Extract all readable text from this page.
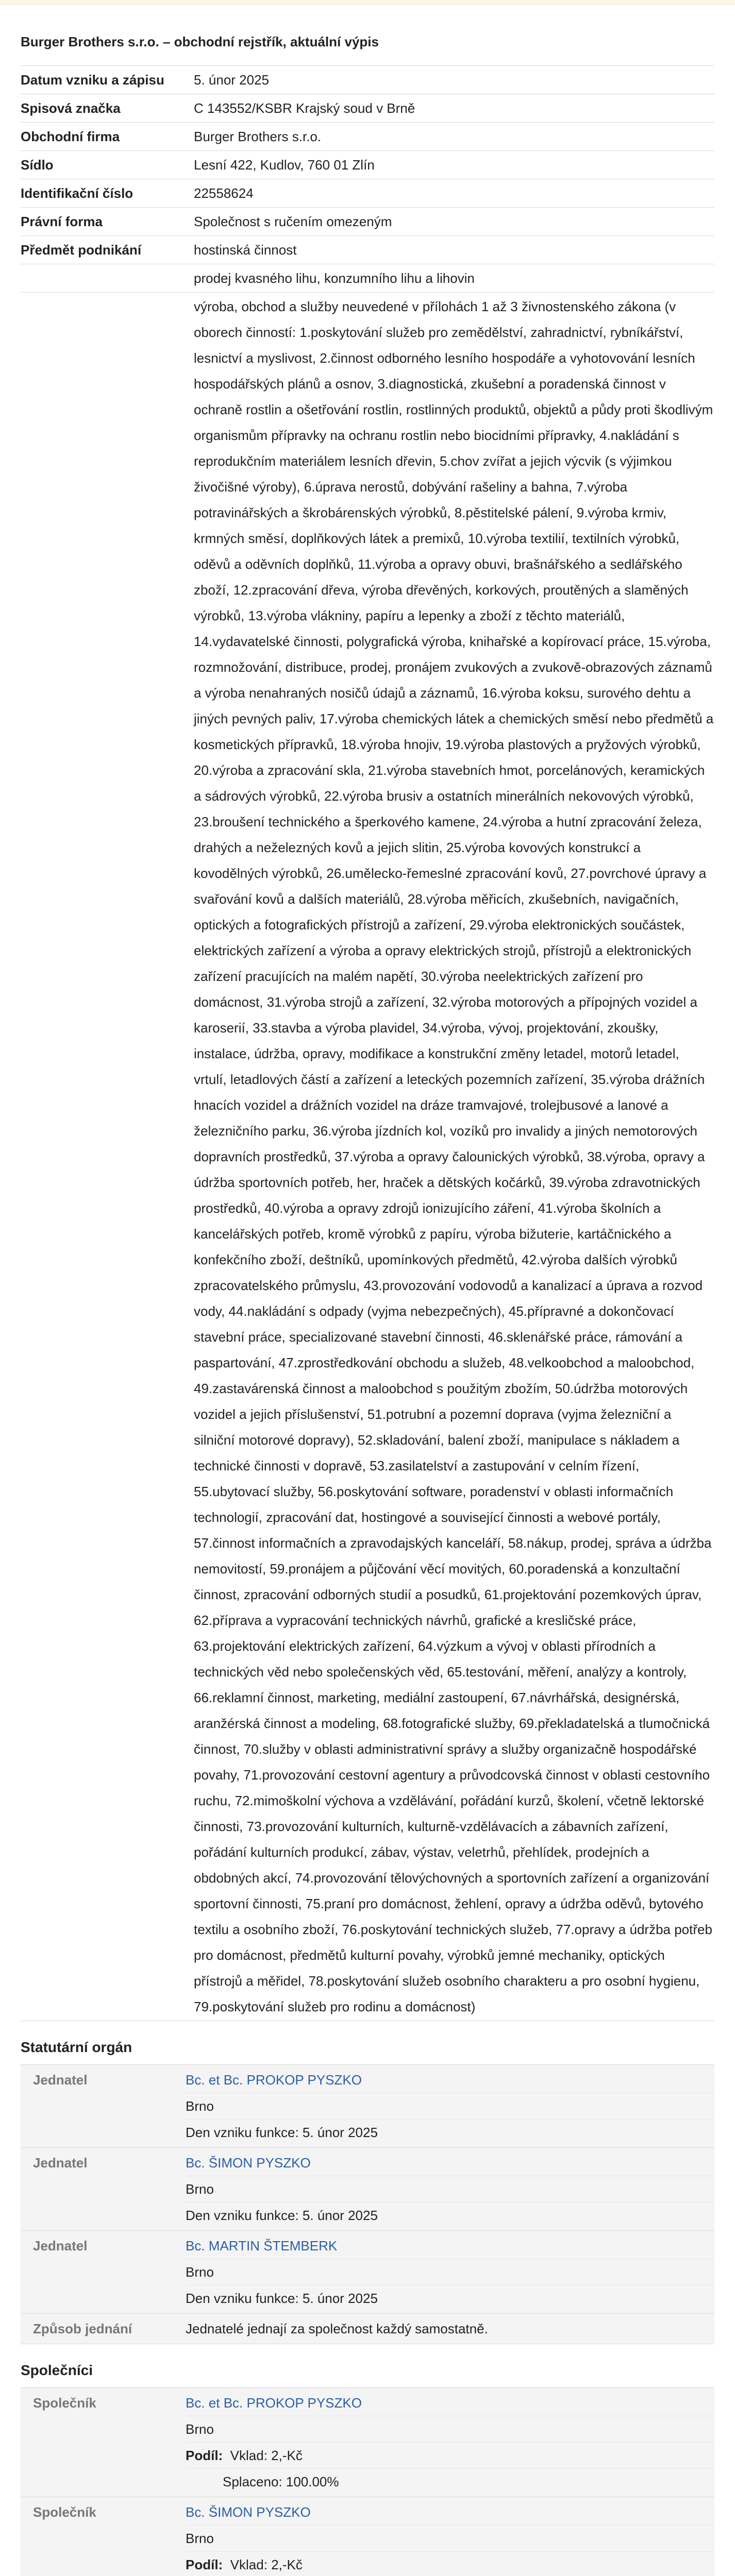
Burger Brothers s.r.o. – obchodní rejstřík, aktuální výpis
Datum vzniku a zápisu	5. únor 2025
Spisová značka	C 143552/KSBR Krajský soud v Brně
Obchodní firma	Burger Brothers s.r.o.
Sídlo	Lesní 422, Kudlov, 760 01 Zlín
Identifikační číslo	22558624
Právní forma	Společnost s ručením omezeným
Předmět podnikání	hostinská činnost
	prodej kvasného lihu, konzumního lihu a lihovin
	výroba, obchod a služby neuvedené v přílohách 1 až 3 živnostenského zákona (v oborech činností: 1.poskytování služeb pro zemědělství, zahradnictví, rybníkářství, lesnictví a myslivost, 2.činnost odborného lesního hospodáře a vyhotovování lesních hospodářských plánů a osnov, 3.diagnostická, zkušební a poradenská činnost v ochraně rostlin a ošetřování rostlin, rostlinných produktů, objektů a půdy proti škodlivým organismům přípravky na ochranu rostlin nebo biocidními přípravky, 4.nakládání s reprodukčním materiálem lesních dřevin, 5.chov zvířat a jejich výcvik (s výjimkou živočišné výroby), 6.úprava nerostů, dobývání rašeliny a bahna, 7.výroba potravinářských a škrobárenských výrobků, 8.pěstitelské pálení, 9.výroba krmiv, krmných směsí, doplňkových látek a premixů, 10.výroba textilií, textilních výrobků, oděvů a oděvních doplňků, 11.výroba a opravy obuvi, brašnářského a sedlářského zboží, 12.zpracování dřeva, výroba dřevěných, korkových, proutěných a slaměných výrobků, 13.výroba vlákniny, papíru a lepenky a zboží z těchto materiálů, 14.vydavatelské činnosti, polygrafická výroba, knihařské a kopírovací práce, 15.výroba, rozmnožování, distribuce, prodej, pronájem zvukových a zvukově-obrazových záznamů a výroba nenahraných nosičů údajů a záznamů, 16.výroba koksu, surového dehtu a jiných pevných paliv, 17.výroba chemických látek a chemických směsí nebo předmětů a kosmetických přípravků, 18.výroba hnojiv, 19.výroba plastových a pryžových výrobků, 20.výroba a zpracování skla, 21.výroba stavebních hmot, porcelánových, keramických a sádrových výrobků, 22.výroba brusiv a ostatních minerálních nekovových výrobků, 23.broušení technického a šperkového kamene, 24.výroba a hutní zpracování železa, drahých a neželezných kovů a jejich slitin, 25.výroba kovových konstrukcí a kovodělných výrobků, 26.umělecko-řemeslné zpracování kovů, 27.povrchové úpravy a svařování kovů a dalších materiálů, 28.výroba měřicích, zkušebních, navigačních, optických a fotografických přístrojů a zařízení, 29.výroba elektronických součástek, elektrických zařízení a výroba a opravy elektrických strojů, přístrojů a elektronických zařízení pracujících na malém napětí, 30.výroba neelektrických zařízení pro domácnost, 31.výroba strojů a zařízení, 32.výroba motorových a přípojných vozidel a karoserií, 33.stavba a výroba plavidel, 34.výroba, vývoj, projektování, zkoušky, instalace, údržba, opravy, modifikace a konstrukční změny letadel, motorů letadel, vrtulí, letadlových částí a zařízení a leteckých pozemních zařízení, 35.výroba drážních hnacích vozidel a drážních vozidel na dráze tramvajové, trolejbusové a lanové a železničního parku, 36.výroba jízdních kol, vozíků pro invalidy a jiných nemotorových dopravních prostředků, 37.výroba a opravy čalounických výrobků, 38.výroba, opravy a údržba sportovních potřeb, her, hraček a dětských kočárků, 39.výroba zdravotnických prostředků, 40.výroba a opravy zdrojů ionizujícího záření, 41.výroba školních a kancelářských potřeb, kromě výrobků z papíru, výroba bižuterie, kartáčnického a konfekčního zboží, deštníků, upomínkových předmětů, 42.výroba dalších výrobků zpracovatelského průmyslu, 43.provozování vodovodů a kanalizací a úprava a rozvod vody, 44.nakládání s odpady (vyjma nebezpečných), 45.přípravné a dokončovací stavební práce, specializované stavební činnosti, 46.sklenářské práce, rámování a paspartování, 47.zprostředkování obchodu a služeb, 48.velkoobchod a maloobchod, 49.zastavárenská činnost a maloobchod s použitým zbožím, 50.údržba motorových vozidel a jejich příslušenství, 51.potrubní a pozemní doprava (vyjma železniční a silniční motorové dopravy), 52.skladování, balení zboží, manipulace s nákladem a technické činnosti v dopravě, 53.zasilatelství a zastupování v celním řízení, 55.ubytovací služby, 56.poskytování software, poradenství v oblasti informačních technologií, zpracování dat, hostingové a související činnosti a webové portály, 57.činnost informačních a zpravodajských kanceláří, 58.nákup, prodej, správa a údržba nemovitostí, 59.pronájem a půjčování věcí movitých, 60.poradenská a konzultační činnost, zpracování odborných studií a posudků, 61.projektování pozemkových úprav, 62.příprava a vypracování technických návrhů, grafické a kresličské práce, 63.projektování elektrických zařízení, 64.výzkum a vývoj v oblasti přírodních a technických věd nebo společenských věd, 65.testování, měření, analýzy a kontroly, 66.reklamní činnost, marketing, mediální zastoupení, 67.návrhářská, designérská, aranžérská činnost a modeling, 68.fotografické služby, 69.překladatelská a tlumočnická činnost, 70.služby v oblasti administrativní správy a služby organizačně hospodářské povahy, 71.provozování cestovní agentury a průvodcovská činnost v oblasti cestovního ruchu, 72.mimoškolní výchova a vzdělávání, pořádání kurzů, školení, včetně lektorské činnosti, 73.provozování kulturních, kulturně-vzdělávacích a zábavních zařízení, pořádání kulturních produkcí, zábav, výstav, veletrhů, přehlídek, prodejních a obdobných akcí, 74.provozování tělovýchovných a sportovních zařízení a organizování sportovní činnosti, 75.praní pro domácnost, žehlení, opravy a údržba oděvů, bytového textilu a osobního zboží, 76.poskytování technických služeb, 77.opravy a údržba potřeb pro domácnost, předmětů kulturní povahy, výrobků jemné mechaniky, optických přístrojů a měřidel, 78.poskytování služeb osobního charakteru a pro osobní hygienu, 79.poskytování služeb pro rodinu a domácnost)
Statutární orgán
Jednatel	Bc. et Bc. PROKOP PYSZKO
Brno
Den vzniku funkce: 5. únor 2025
Jednatel	Bc. ŠIMON PYSZKO
Brno
Den vzniku funkce: 5. únor 2025
Jednatel	Bc. MARTIN ŠTEMBERK
Brno
Den vzniku funkce: 5. únor 2025
Způsob jednání	Jednatelé jednají za společnost každý samostatně.
Společníci
Společník	Bc. et Bc. PROKOP PYSZKO
Brno
Podíl: Vklad: 2,-Kč
Splaceno: 100.00%
Společník	Bc. ŠIMON PYSZKO
Brno
Podíl: Vklad: 2,-Kč
